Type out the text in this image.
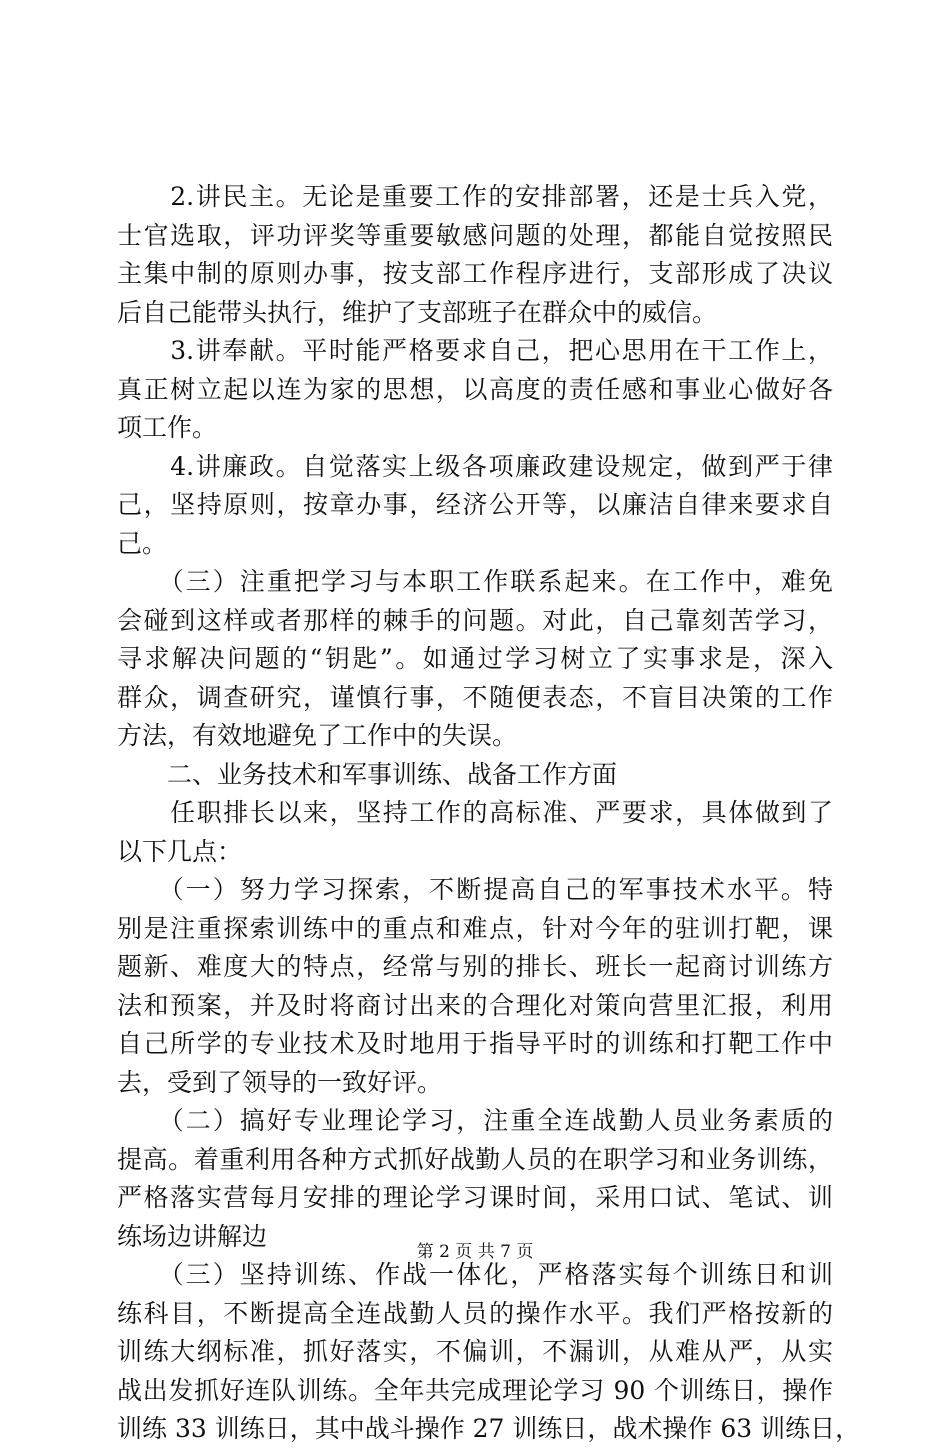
　　2.讲民主。无论是重要工作的安排部署，还是士兵入党，
士官选取，评功评奖等重要敏感问题的处理，都能自觉按照民
主集中制的原则办事，按支部工作程序进行，支部形成了决议
后自己能带头执行，维护了支部班子在群众中的威信。
　　3.讲奉献。平时能严格要求自己，把心思用在干工作上，
真正树立起以连为家的思想，以高度的责任感和事业心做好各
项工作。
　　4.讲廉政。自觉落实上级各项廉政建设规定，做到严于律
己，坚持原则，按章办事，经济公开等，以廉洁自律来要求自
己。
　　（三）注重把学习与本职工作联系起来。在工作中，难免
会碰到这样或者那样的棘手的问题。对此，自己靠刻苦学习，
寻求解决问题的“钥匙”。如通过学习树立了实事求是，深入
群众，调查研究，谨慎行事，不随便表态，不盲目决策的工作
方法，有效地避免了工作中的失误。
　　二、业务技术和军事训练、战备工作方面
　　任职排长以来，坚持工作的高标准、严要求，具体做到了
以下几点：
　　（一）努力学习探索，不断提高自己的军事技术水平。特
别是注重探索训练中的重点和难点，针对今年的驻训打靶，课
题新、难度大的特点，经常与别的排长、班长一起商讨训练方
法和预案，并及时将商讨出来的合理化对策向营里汇报，利用
自己所学的专业技术及时地用于指导平时的训练和打靶工作中
去，受到了领导的一致好评。
　　（二）搞好专业理论学习，注重全连战勤人员业务素质的
提高。着重利用各种方式抓好战勤人员的在职学习和业务训练，
严格落实营每月安排的理论学习课时间，采用口试、笔试、训
练场边讲解边
　　（三）坚持训练、作战一体化，严格落实每个训练日和训
练科目，不断提高全连战勤人员的操作水平。我们严格按新的
训练大纲标准，抓好落实，不偏训，不漏训，从难从严，从实
战出发抓好连队训练。全年共完成理论学习 90 个训练日，操作
训练 33 训练日，其中战斗操作 27 训练日，战术操作 63 训练日，
第 2 页 共 7 页
